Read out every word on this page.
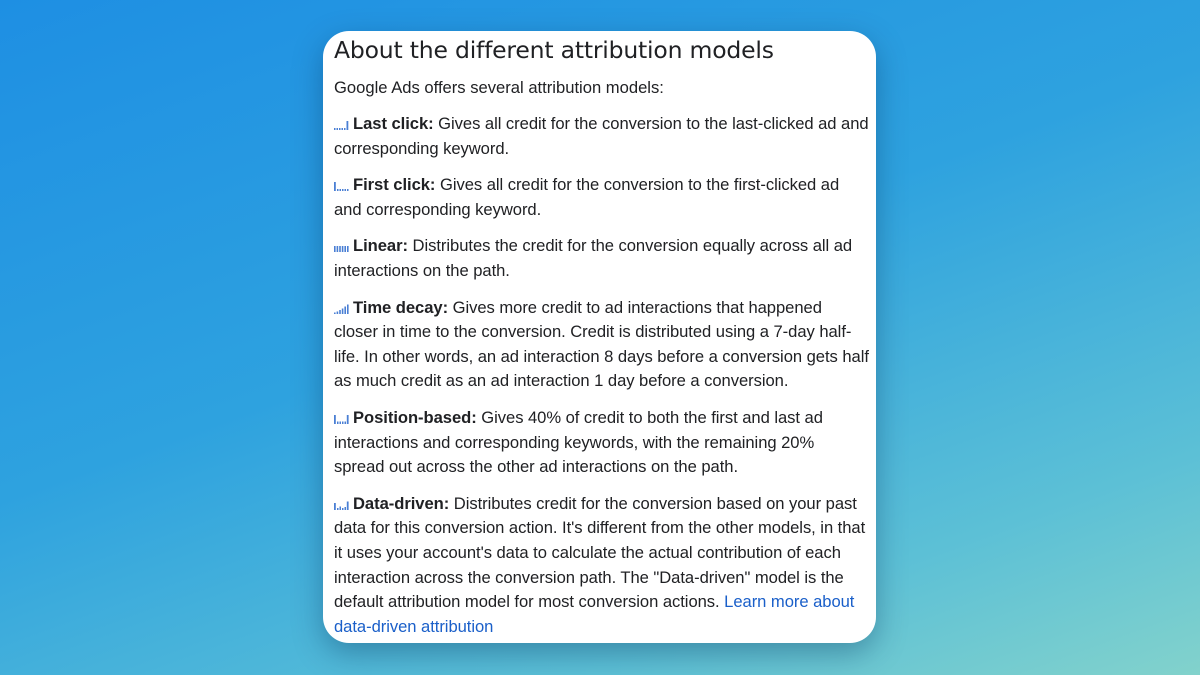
About the different attribution models

Google Ads offers several attribution models:

Last click: Gives all credit for the conversion to the last-clicked ad and corresponding keyword.
First click: Gives all credit for the conversion to the first-clicked ad and corresponding keyword.
Linear: Distributes the credit for the conversion equally across all ad interactions on the path.
Time decay: Gives more credit to ad interactions that happened closer in time to the conversion. Credit is distributed using a 7-day half-life. In other words, an ad interaction 8 days before a conversion gets half as much credit as an ad interaction 1 day before a conversion.
Position-based: Gives 40% of credit to both the first and last ad interactions and corresponding keywords, with the remaining 20% spread out across the other ad interactions on the path.
Data-driven: Distributes credit for the conversion based on your past data for this conversion action. It's different from the other models, in that it uses your account's data to calculate the actual contribution of each interaction across the conversion path. The "Data-driven" model is the default attribution model for most conversion actions. Learn more about data-driven attribution
